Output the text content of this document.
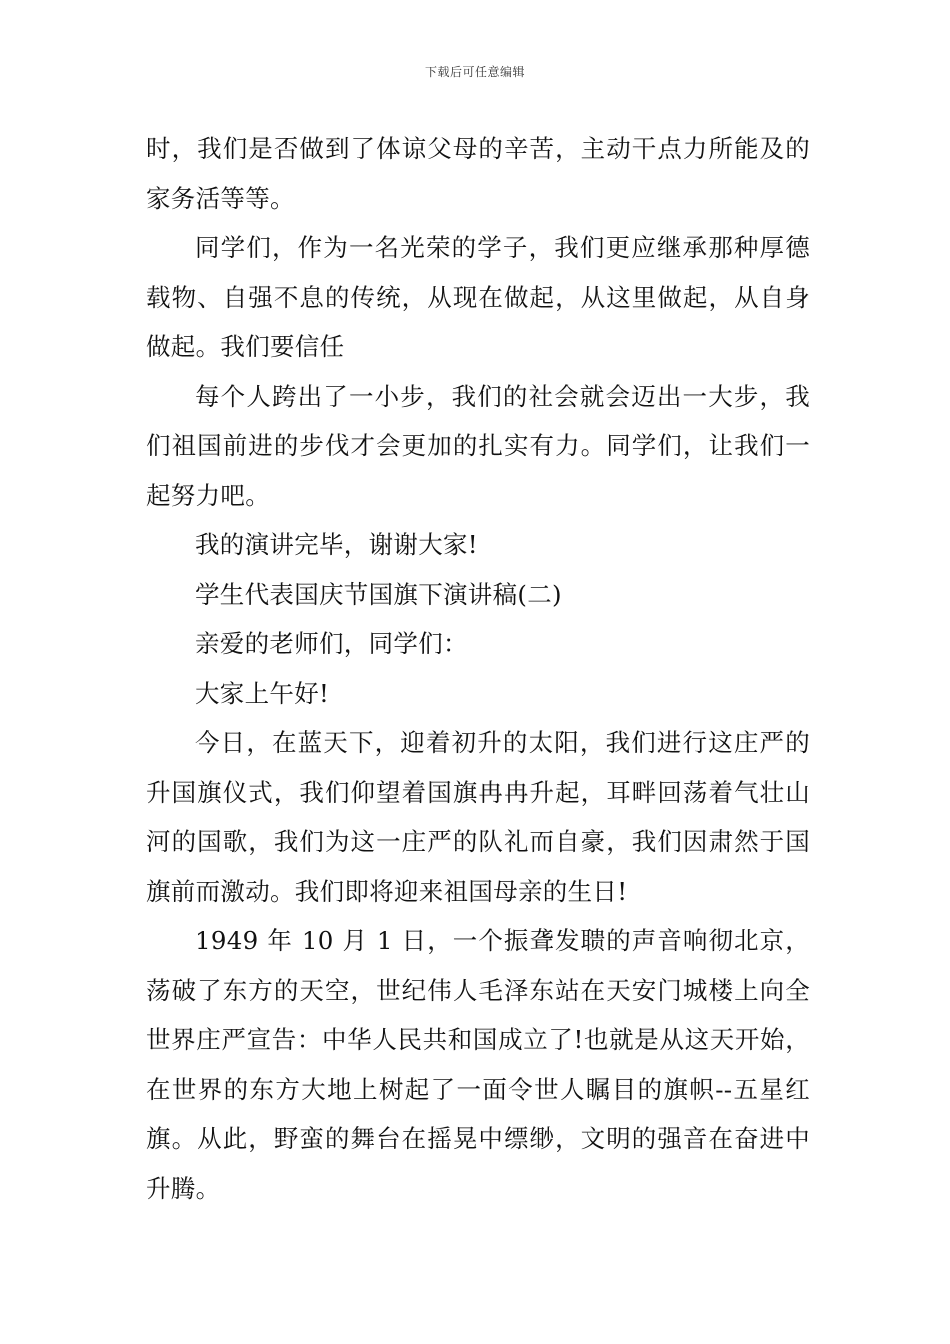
下载后可任意编辑

时，我们是否做到了体谅父母的辛苦，主动干点力所能及的家务活等等。

同学们，作为一名光荣的学子，我们更应继承那种厚德载物、自强不息的传统，从现在做起，从这里做起，从自身做起。我们要信任

每个人跨出了一小步，我们的社会就会迈出一大步，我们祖国前进的步伐才会更加的扎实有力。同学们，让我们一起努力吧。

我的演讲完毕，谢谢大家!

学生代表国庆节国旗下演讲稿(二)

亲爱的老师们，同学们：

大家上午好!

今日，在蓝天下，迎着初升的太阳，我们进行这庄严的升国旗仪式，我们仰望着国旗冉冉升起，耳畔回荡着气壮山河的国歌，我们为这一庄严的队礼而自豪，我们因肃然于国旗前而激动。我们即将迎来祖国母亲的生日!

1949 年 10 月 1 日，一个振聋发聩的声音响彻北京，荡破了东方的天空，世纪伟人毛泽东站在天安门城楼上向全世界庄严宣告：中华人民共和国成立了!也就是从这天开始，在世界的东方大地上树起了一面令世人瞩目的旗帜--五星红旗。从此，野蛮的舞台在摇晃中缥缈，文明的强音在奋进中升腾。
